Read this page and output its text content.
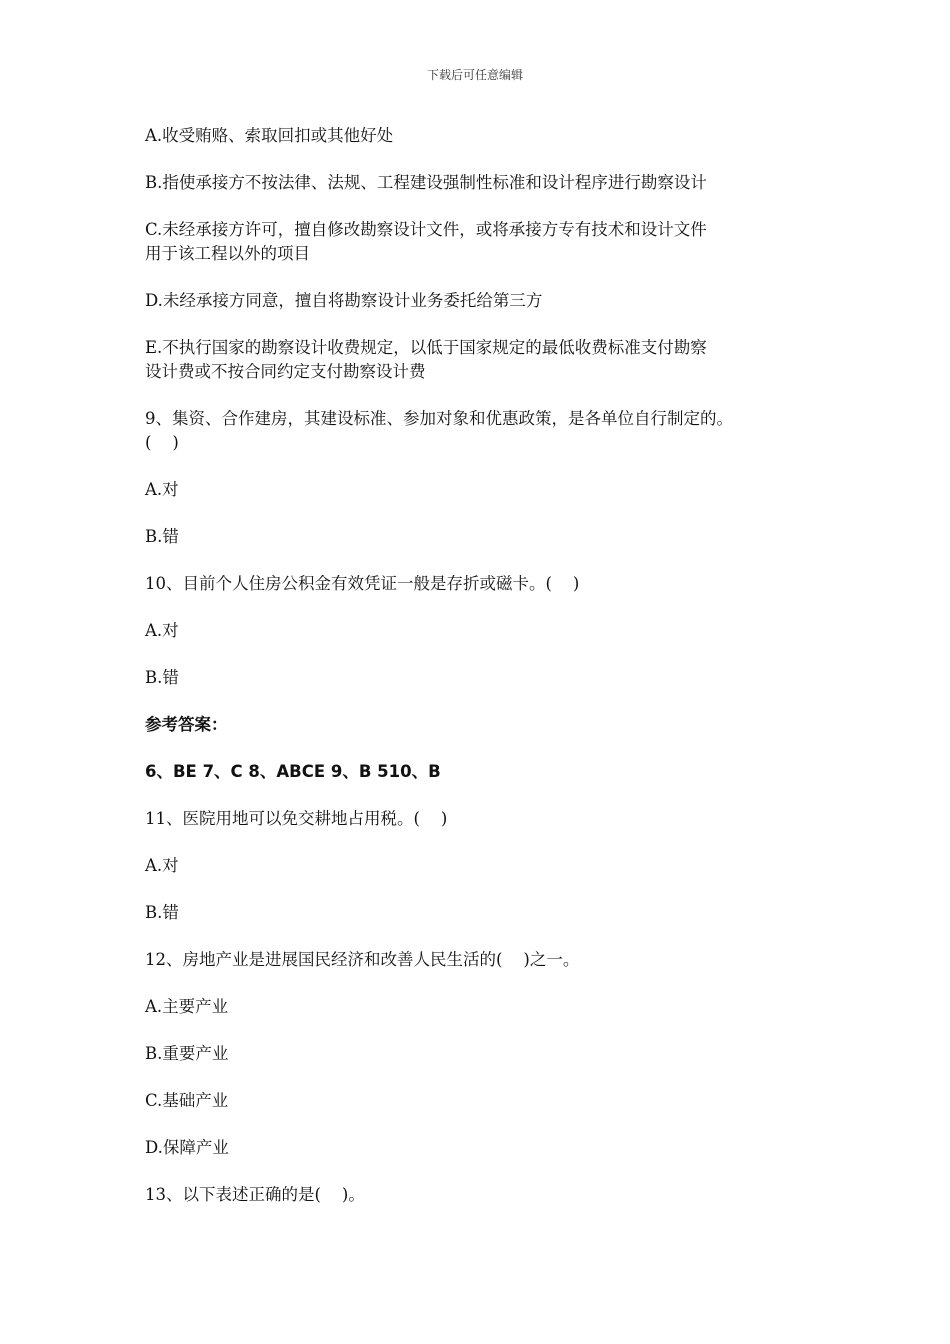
下载后可任意编辑

A.收受贿赂、索取回扣或其他好处

B.指使承接方不按法律、法规、工程建设强制性标准和设计程序进行勘察设计

C.未经承接方许可，擅自修改勘察设计文件，或将承接方专有技术和设计文件
用于该工程以外的项目

D.未经承接方同意，擅自将勘察设计业务委托给第三方

E.不执行国家的勘察设计收费规定，以低于国家规定的最低收费标准支付勘察
设计费或不按合同约定支付勘察设计费

9、集资、合作建房，其建设标准、参加对象和优惠政策，是各单位自行制定的。
(    )

A.对

B.错

10、目前个人住房公积金有效凭证一般是存折或磁卡。(    )

A.对

B.错

参考答案：

6、BE 7、C 8、ABCE 9、B 510、B

11、医院用地可以免交耕地占用税。(    )

A.对

B.错

12、房地产业是进展国民经济和改善人民生活的(    )之一。

A.主要产业

B.重要产业

C.基础产业

D.保障产业

13、以下表述正确的是(    )。
